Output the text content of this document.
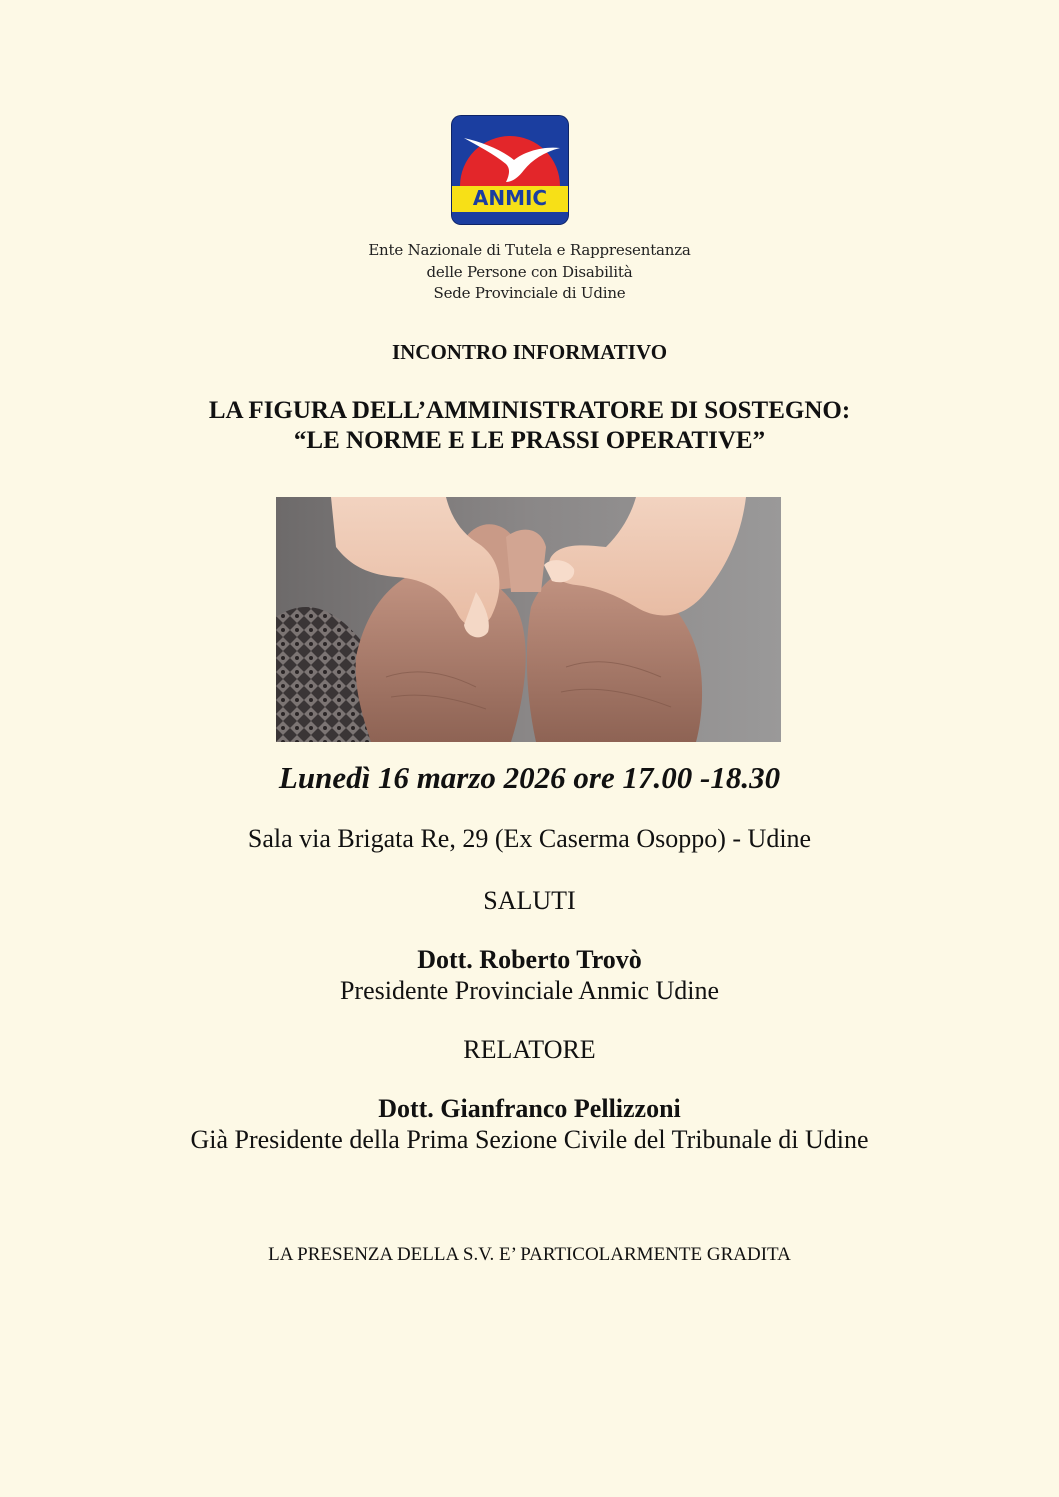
ANMIC
Ente Nazionale di Tutela e Rappresentanza
delle Persone con Disabilità
Sede Provinciale di Udine
INCONTRO INFORMATIVO
LA FIGURA DELL’AMMINISTRATORE DI SOSTEGNO:
“LE NORME E LE PRASSI OPERATIVE”
Lunedì 16 marzo 2026 ore 17.00 -18.30
Sala via Brigata Re, 29 (Ex Caserma Osoppo) - Udine
SALUTI
Dott. Roberto Trovò
Presidente Provinciale Anmic Udine
RELATORE
Dott. Gianfranco Pellizzoni
Già Presidente della Prima Sezione Civile del Tribunale di Udine
LA PRESENZA DELLA S.V. E’ PARTICOLARMENTE GRADITA
